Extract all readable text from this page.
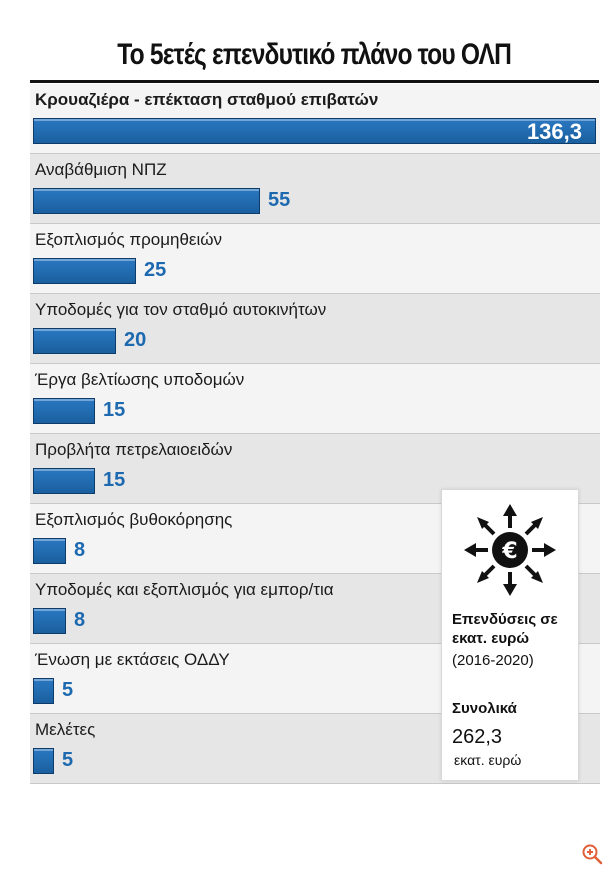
Το 5ετές επενδυτικό πλάνο του ΟΛΠ
Κρουαζιέρα - επέκταση σταθμού επιβατών
136,3
Αναβάθμιση ΝΠΖ
55
Εξοπλισμός προμηθειών
25
Υποδομές για τον σταθμό αυτοκινήτων
20
Έργα βελτίωσης υποδομών
15
Προβλήτα πετρελαιοειδών
15
Εξοπλισμός βυθοκόρησης
8
Υποδομές και εξοπλισμός για εμπορ/τια
8
Ένωση με εκτάσεις ΟΔΔΥ
5
Μελέτες
5
€
Επενδύσεις σε εκατ. ευρώ
(2016-2020)
Συνολικά
262,3
εκατ. ευρώ
